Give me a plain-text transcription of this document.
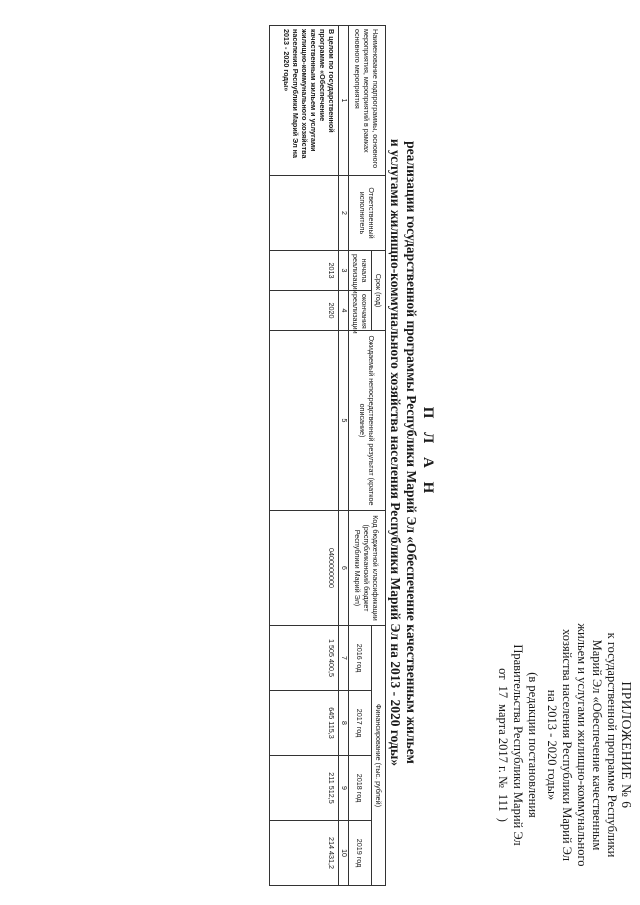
ПРИЛОЖЕНИЕ № 6
к государственной программе Республики
Марий Эл «Обеспечение качественным
жильем и услугами жилищно-коммунального
хозяйства населения Республики Марий Эл
на 2013 - 2020 годы»
(в редакции постановления
Правительства Республики Марий Эл
от
17
марта 2017 г. №
111
)
П Л А Н
реализации государственной программы Республики Марий Эл «Обеспечение качественным жильем
и услугами жилищно-коммунального хозяйства населения Республики Марий Эл на 2013 - 2020 годы»
Наименование подпрограммы, основного мероприятия, мероприятий в рамках основного мероприятия	Ответственный исполнитель	Срок (год)		Ожидаемый непосредственный результат (краткое описание)	Код бюджетной классификации (республиканский бюджет Республики Марий Эл)	Финансирование (тыс. рублей)			
		начала реализации	окончания реализации			2016 год	2017 год	2018 год	2019 год
1	2	3	4	5	6	7	8	9	10
В целом по государственной программе «Обеспечение качественным жильем и услугами жилищно-коммунального хозяйства населения Республики Марий Эл на 2013 - 2020 годы»		2013	2020		0400000000	1 505 400,5	645 115,3	211 512,5	214 431,2
